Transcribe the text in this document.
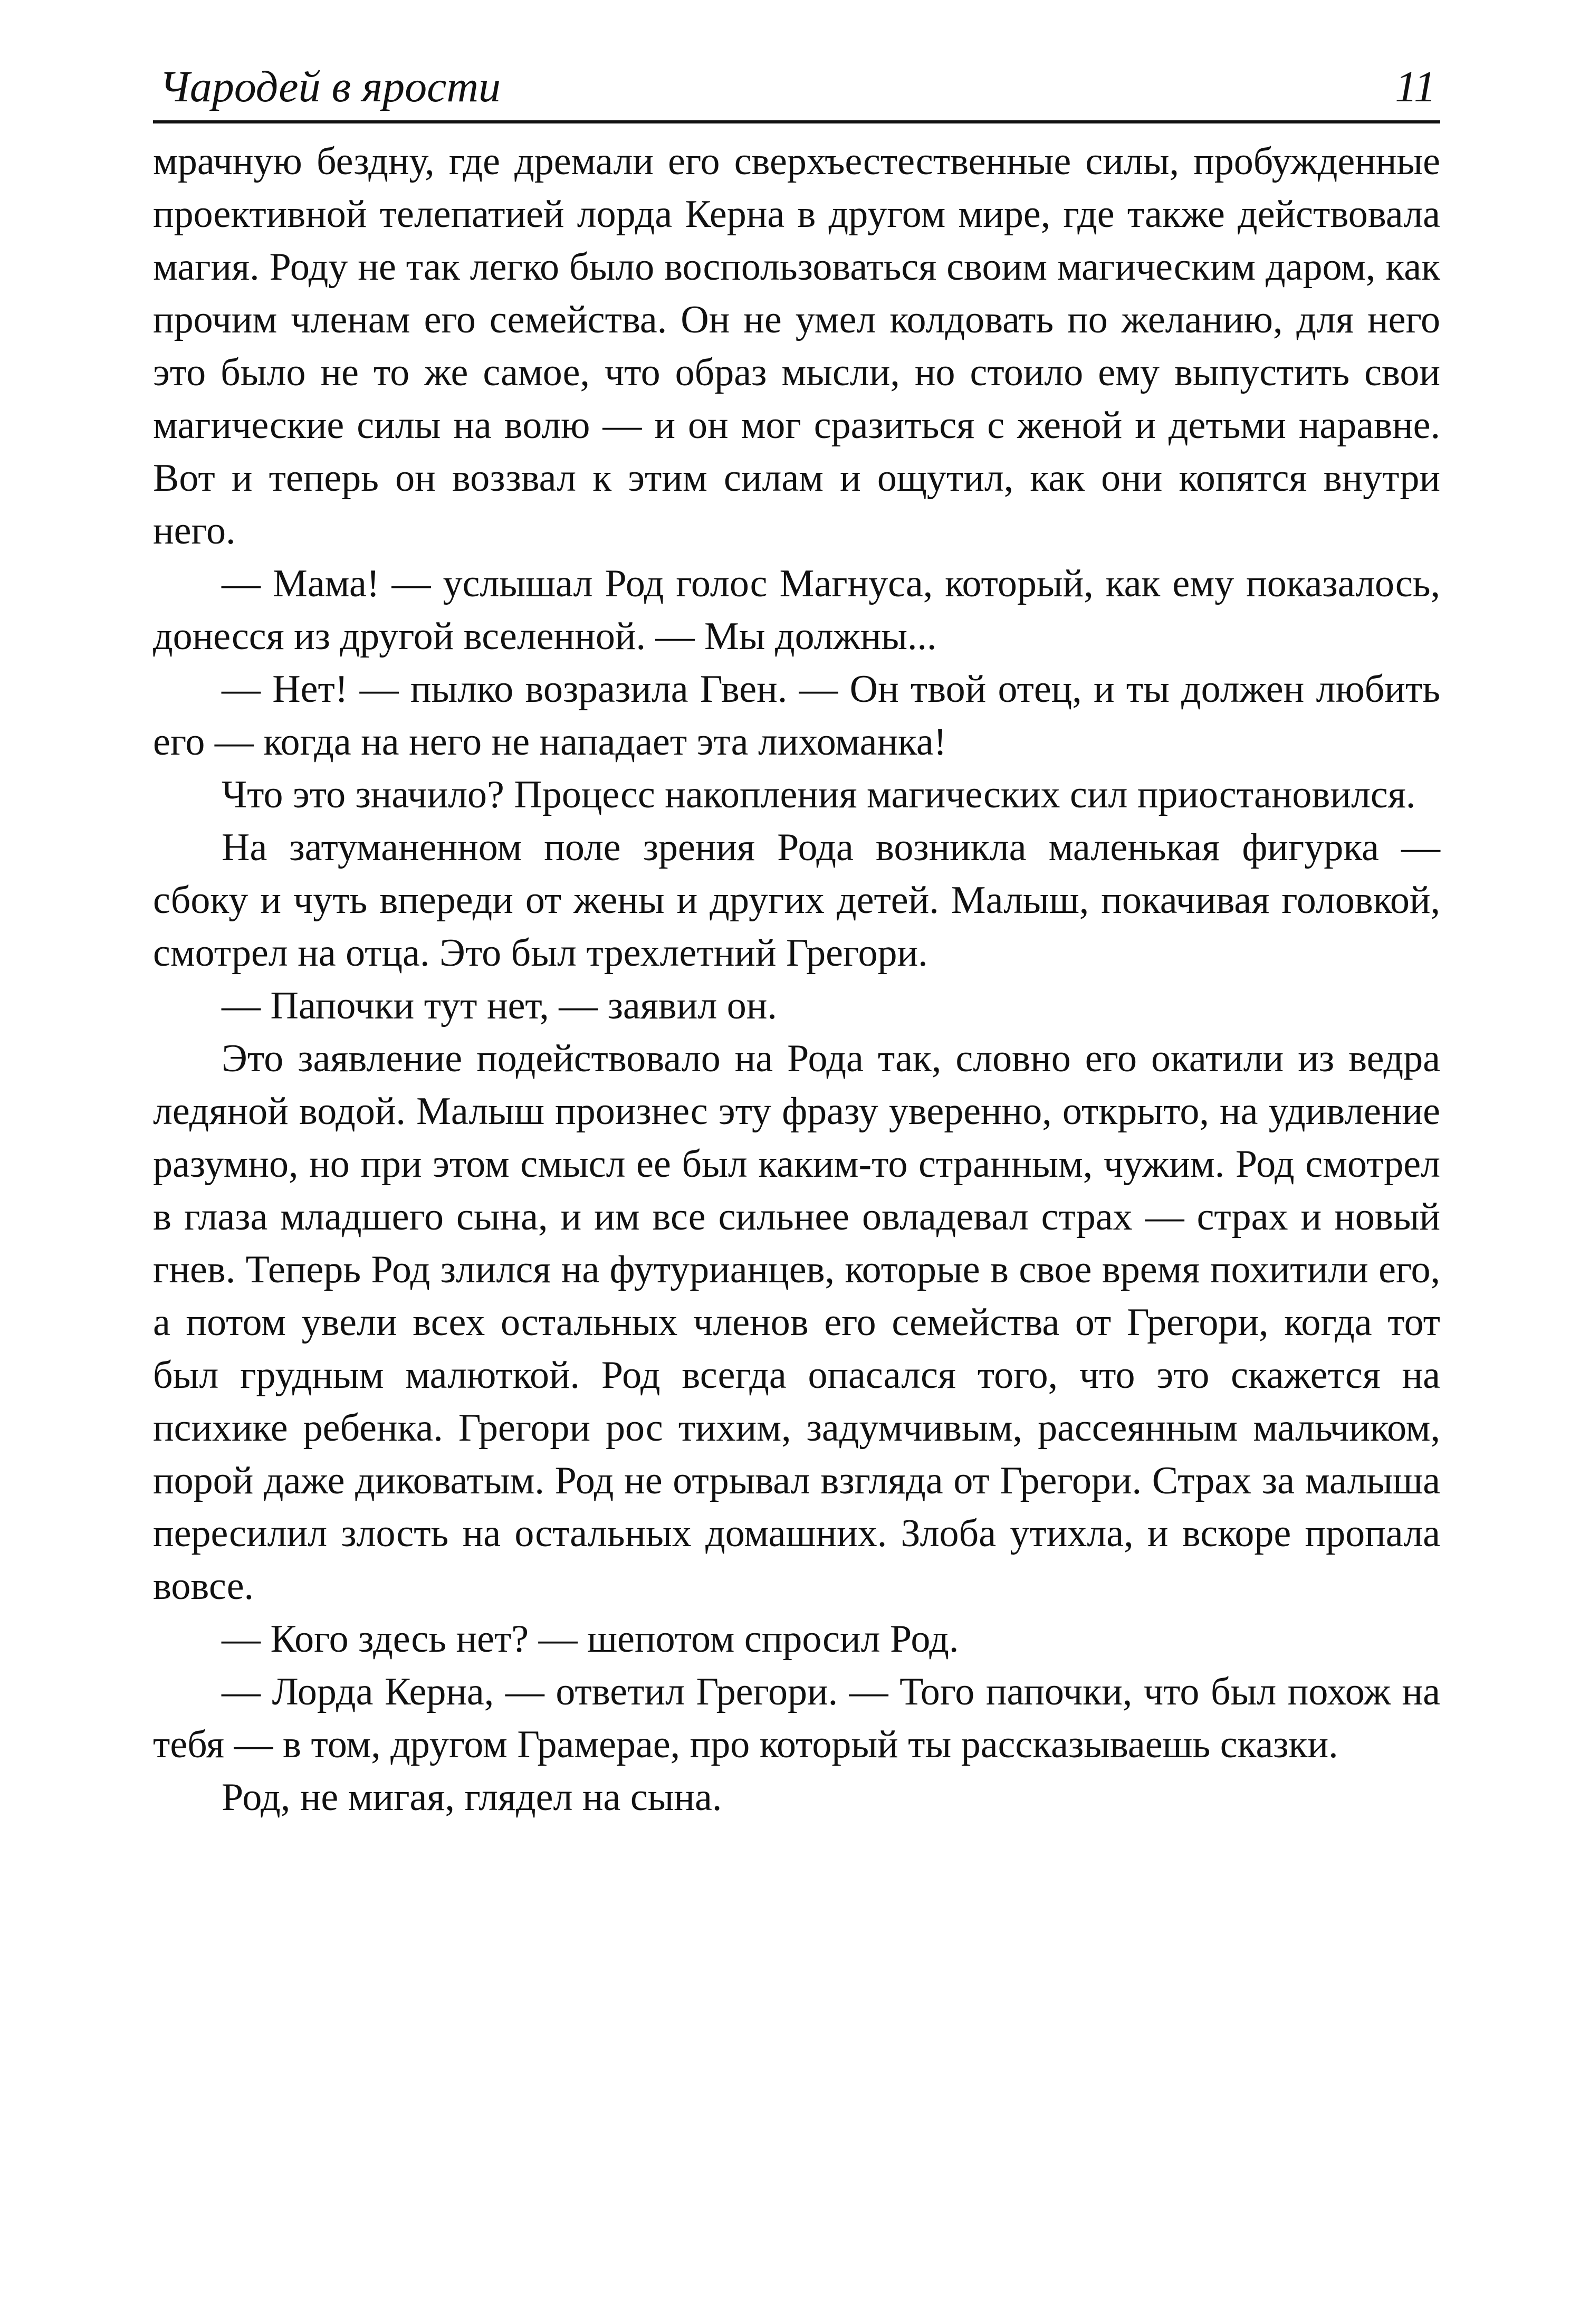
Чародей в ярости	11

мрачную бездну, где дремали его сверхъестественные силы, пробужденные проективной телепатией лорда Керна в другом мире, где также действовала магия. Роду не так легко было воспользоваться своим магическим даром, как прочим членам его семейства. Он не умел колдовать по желанию, для него это было не то же самое, что образ мысли, но стоило ему выпустить свои магические силы на волю — и он мог сразиться с женой и детьми наравне. Вот и теперь он воззвал к этим силам и ощутил, как они копятся внутри него.

— Мама! — услышал Род голос Магнуса, который, как ему показалось, донесся из другой вселенной. — Мы должны...

— Нет! — пылко возразила Гвен. — Он твой отец, и ты должен любить его — когда на него не нападает эта лихоманка!

Что это значило? Процесс накопления магических сил приостановился.

На затуманенном поле зрения Рода возникла маленькая фигурка — сбоку и чуть впереди от жены и других детей. Малыш, покачивая головкой, смотрел на отца. Это был трехлетний Грегори.

— Папочки тут нет, — заявил он.

Это заявление подействовало на Рода так, словно его окатили из ведра ледяной водой. Малыш произнес эту фразу уверенно, открыто, на удивление разумно, но при этом смысл ее был каким-то странным, чужим. Род смотрел в глаза младшего сына, и им все сильнее овладевал страх — страх и новый гнев. Теперь Род злился на футурианцев, которые в свое время похитили его, а потом увели всех остальных членов его семейства от Грегори, когда тот был грудным малюткой. Род всегда опасался того, что это скажется на психике ребенка. Грегори рос тихим, задумчивым, рассеянным мальчиком, порой даже диковатым. Род не отрывал взгляда от Грегори. Страх за малыша пересилил злость на остальных домашних. Злоба утихла, и вскоре пропала вовсе.

— Кого здесь нет? — шепотом спросил Род.

— Лорда Керна, — ответил Грегори. — Того папочки, что был похож на тебя — в том, другом Грамерае, про который ты рассказываешь сказки.

Род, не мигая, глядел на сына.
